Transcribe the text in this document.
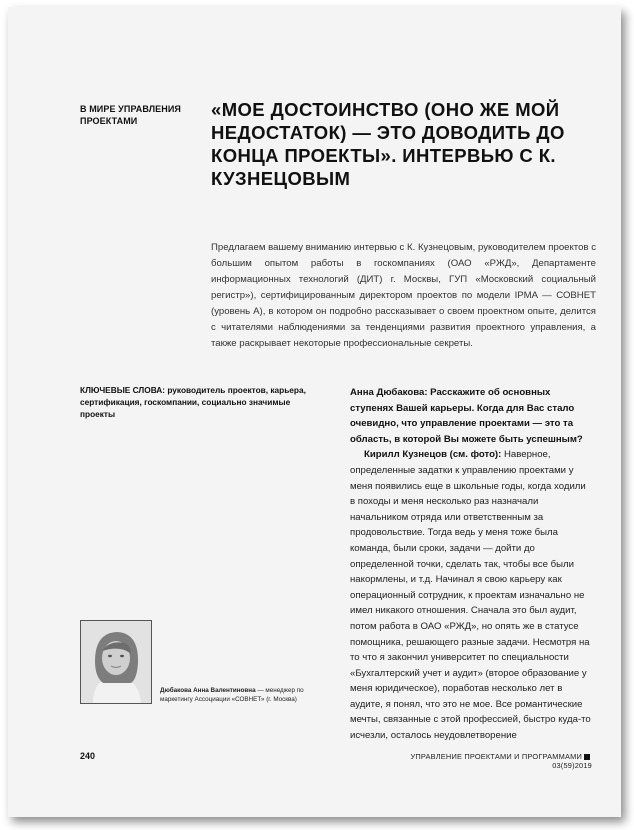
В МИРЕ УПРАВЛЕНИЯ ПРОЕКТАМИ
«МОЕ ДОСТОИНСТВО (ОНО ЖЕ МОЙ НЕДОСТАТОК) — ЭТО ДОВОДИТЬ ДО КОНЦА ПРОЕКТЫ». ИНТЕРВЬЮ С К. КУЗНЕЦОВЫМ
Предлагаем вашему вниманию интервью с К. Кузнецовым, руководителем проектов с большим опытом работы в госкомпаниях (ОАО «РЖД», Департаменте информационных технологий (ДИТ) г. Москвы, ГУП «Московский социальный регистр»), сертифицированным директором проектов по модели IPMA — СОВНЕТ (уровень А), в котором он подробно рассказывает о своем проектном опыте, делится с читателями наблюдениями за тенденциями развития проектного управления, а также раскрывает некоторые профессиональные секреты.
КЛЮЧЕВЫЕ СЛОВА: руководитель проектов, карьера, сертификация, госкомпании, социально значимые проекты
Дюбакова Анна Валентиновна — менеджер по маркетингу Ассоциации «СОВНЕТ» (г. Москва)
Анна Дюбакова: Расскажите об основных ступенях Вашей карьеры. Когда для Вас стало очевидно, что управление проектами — это та область, в которой Вы можете быть успешным?
Кирилл Кузнецов (см. фото): Наверное, определенные задатки к управлению проектами у меня появились еще в школьные годы, когда ходили в походы и меня несколько раз назначали начальником отряда или ответственным за продовольствие. Тогда ведь у меня тоже была команда, были сроки, задачи — дойти до определенной точки, сделать так, чтобы все были накормлены, и т.д. Начинал я свою карьеру как операционный сотрудник, к проектам изначально не имел никакого отношения. Сначала это был аудит, потом работа в ОАО «РЖД», но опять же в статусе помощника, решающего разные задачи. Несмотря на то что я закончил университет по специальности «Бухгалтерский учет и аудит» (второе образование у меня юридическое), поработав несколько лет в аудите, я понял, что это не мое. Все романтические мечты, связанные с этой профессией, быстро куда-то исчезли, осталось неудовлетворение
240	УПРАВЛЕНИЕ ПРОЕКТАМИ И ПРОГРАММАМИ03(59)2019
